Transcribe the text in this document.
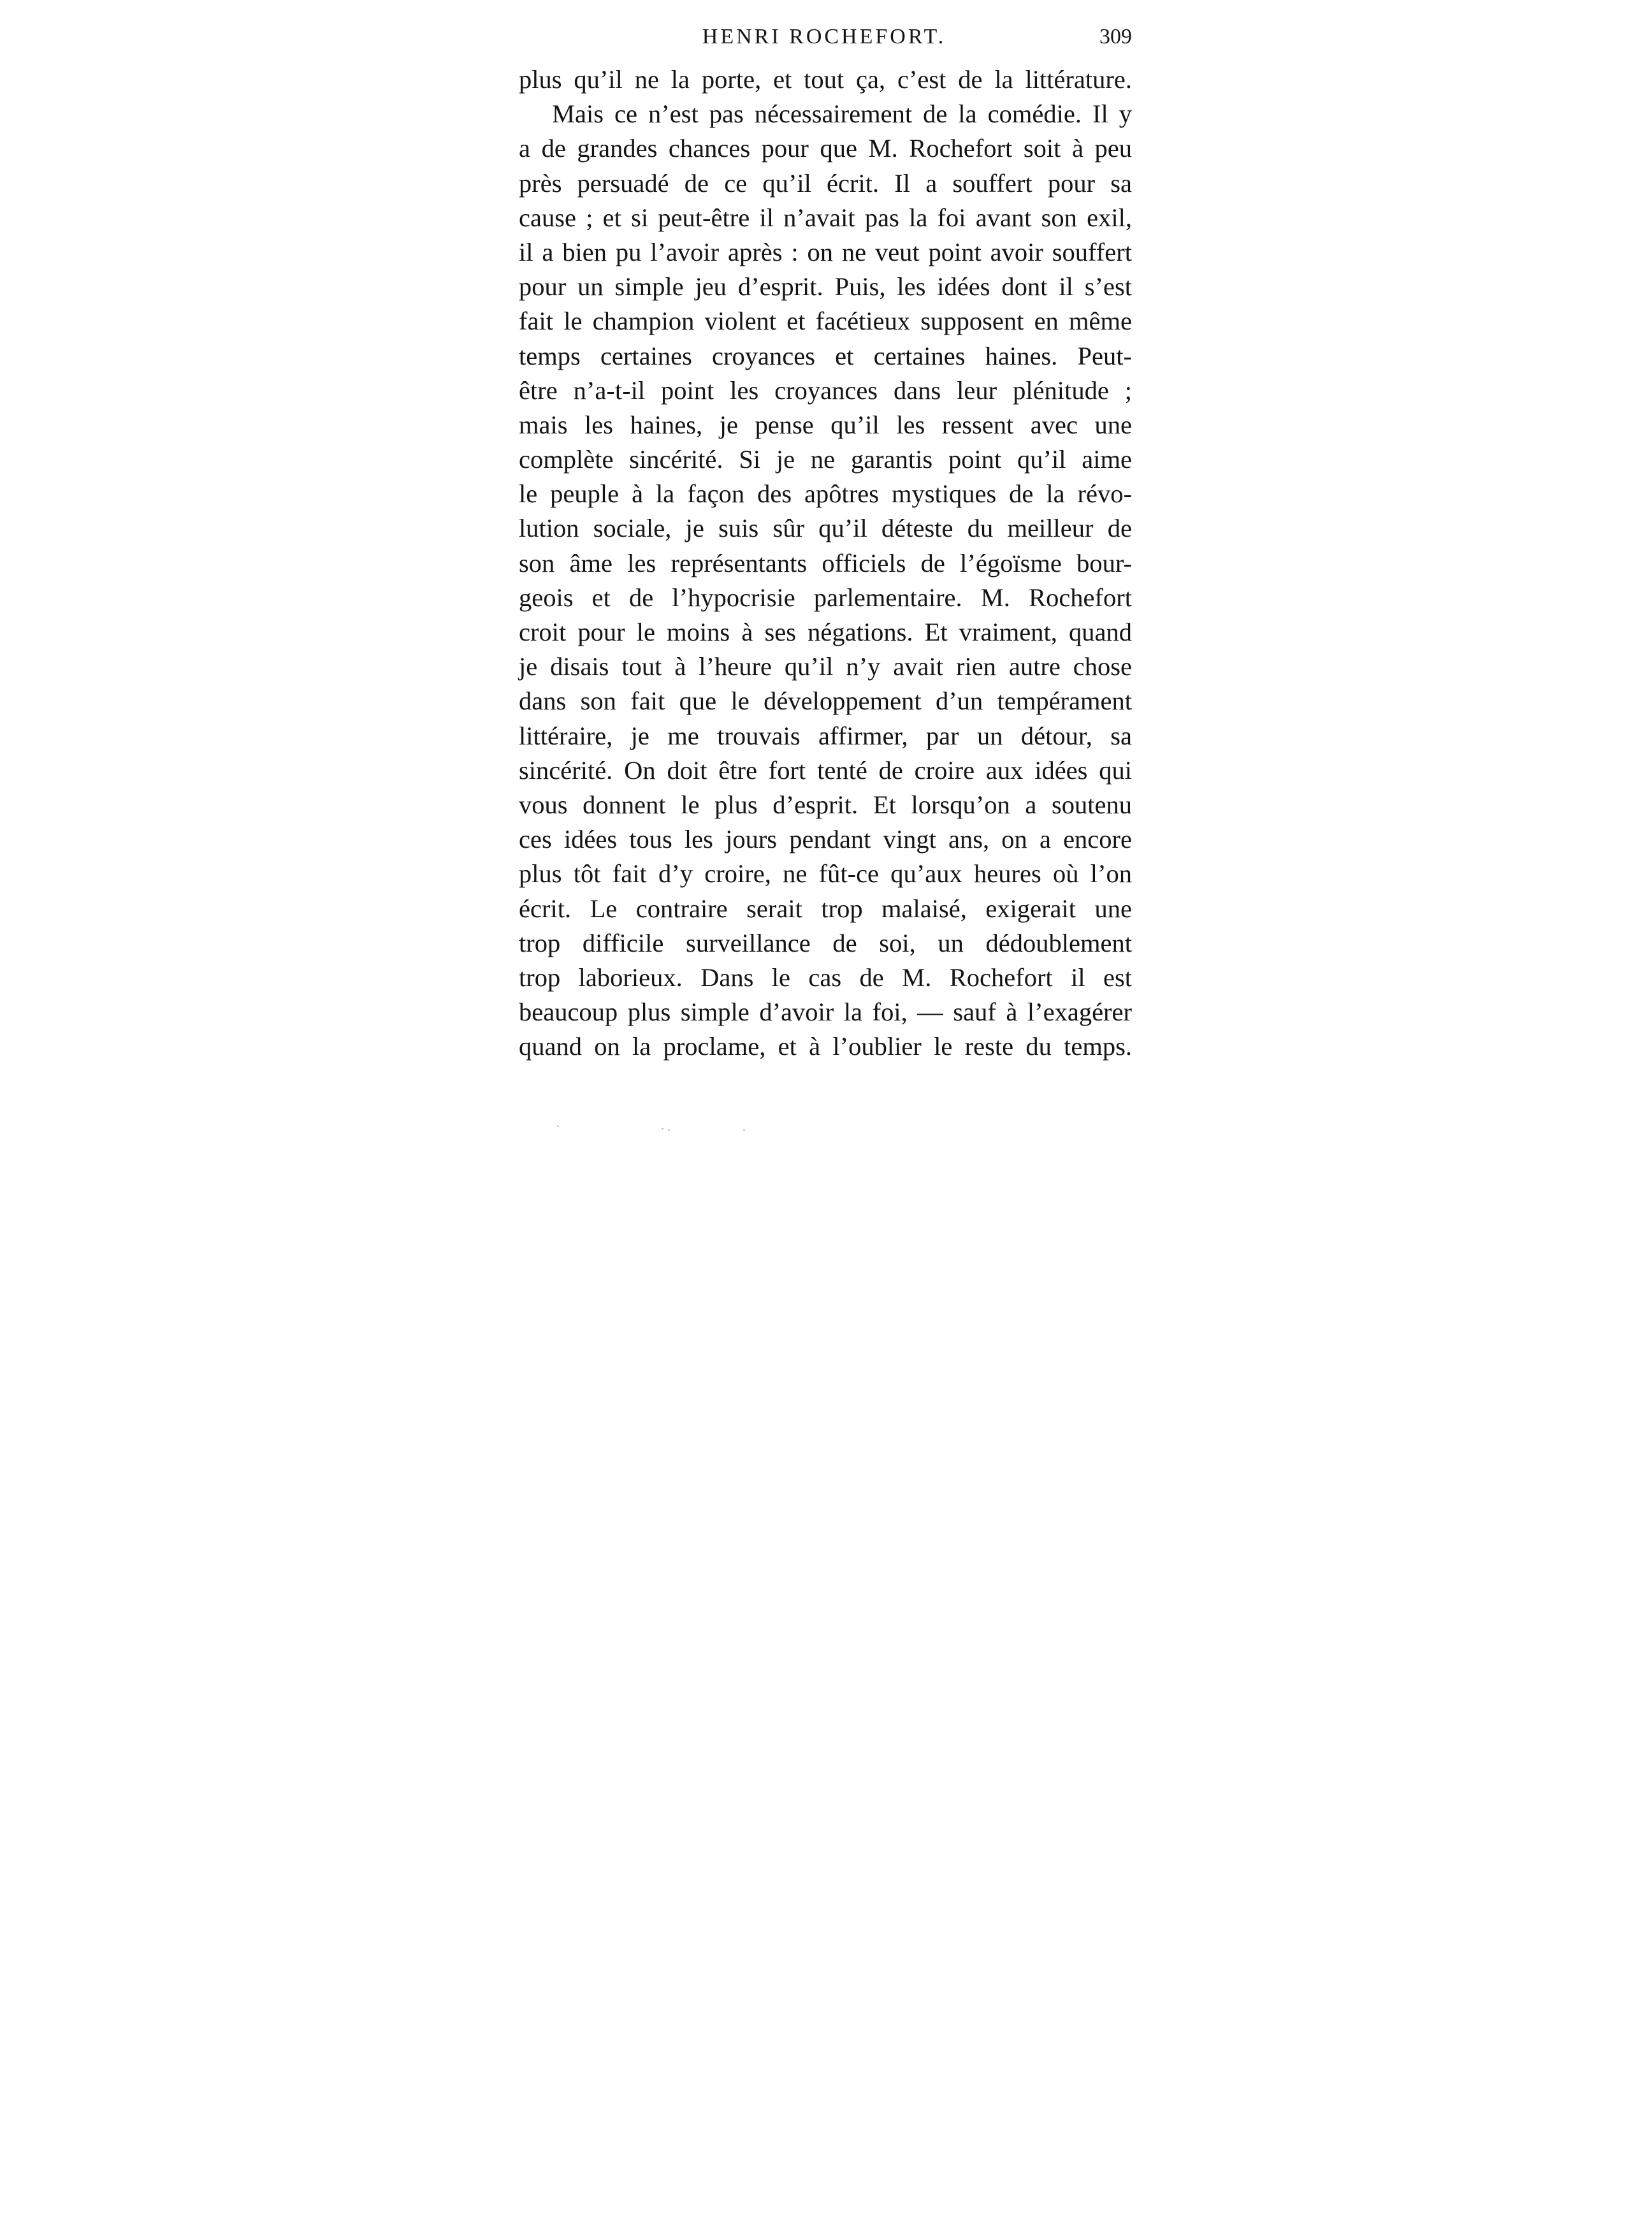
HENRI ROCHEFORT.	309
plus qu’il ne la porte, et tout ça, c’est de la littérature.
Mais ce n’est pas nécessairement de la comédie. Il y
a de grandes chances pour que M. Rochefort soit à peu
près persuadé de ce qu’il écrit. Il a souffert pour sa
cause ; et si peut-être il n’avait pas la foi avant son exil,
il a bien pu l’avoir après : on ne veut point avoir souffert
pour un simple jeu d’esprit. Puis, les idées dont il s’est
fait le champion violent et facétieux supposent en même
temps certaines croyances et certaines haines. Peut-
être n’a-t-il point les croyances dans leur plénitude ;
mais les haines, je pense qu’il les ressent avec une
complète sincérité. Si je ne garantis point qu’il aime
le peuple à la façon des apôtres mystiques de la révo-
lution sociale, je suis sûr qu’il déteste du meilleur de
son âme les représentants officiels de l’égoïsme bour-
geois et de l’hypocrisie parlementaire. M. Rochefort
croit pour le moins à ses négations. Et vraiment, quand
je disais tout à l’heure qu’il n’y avait rien autre chose
dans son fait que le développement d’un tempérament
littéraire, je me trouvais affirmer, par un détour, sa
sincérité. On doit être fort tenté de croire aux idées qui
vous donnent le plus d’esprit. Et lorsqu’on a soutenu
ces idées tous les jours pendant vingt ans, on a encore
plus tôt fait d’y croire, ne fût-ce qu’aux heures où l’on
écrit. Le contraire serait trop malaisé, exigerait une
trop difficile surveillance de soi, un dédoublement
trop laborieux. Dans le cas de M. Rochefort il est
beaucoup plus simple d’avoir la foi, — sauf à l’exagérer
quand on la proclame, et à l’oublier le reste du temps.
